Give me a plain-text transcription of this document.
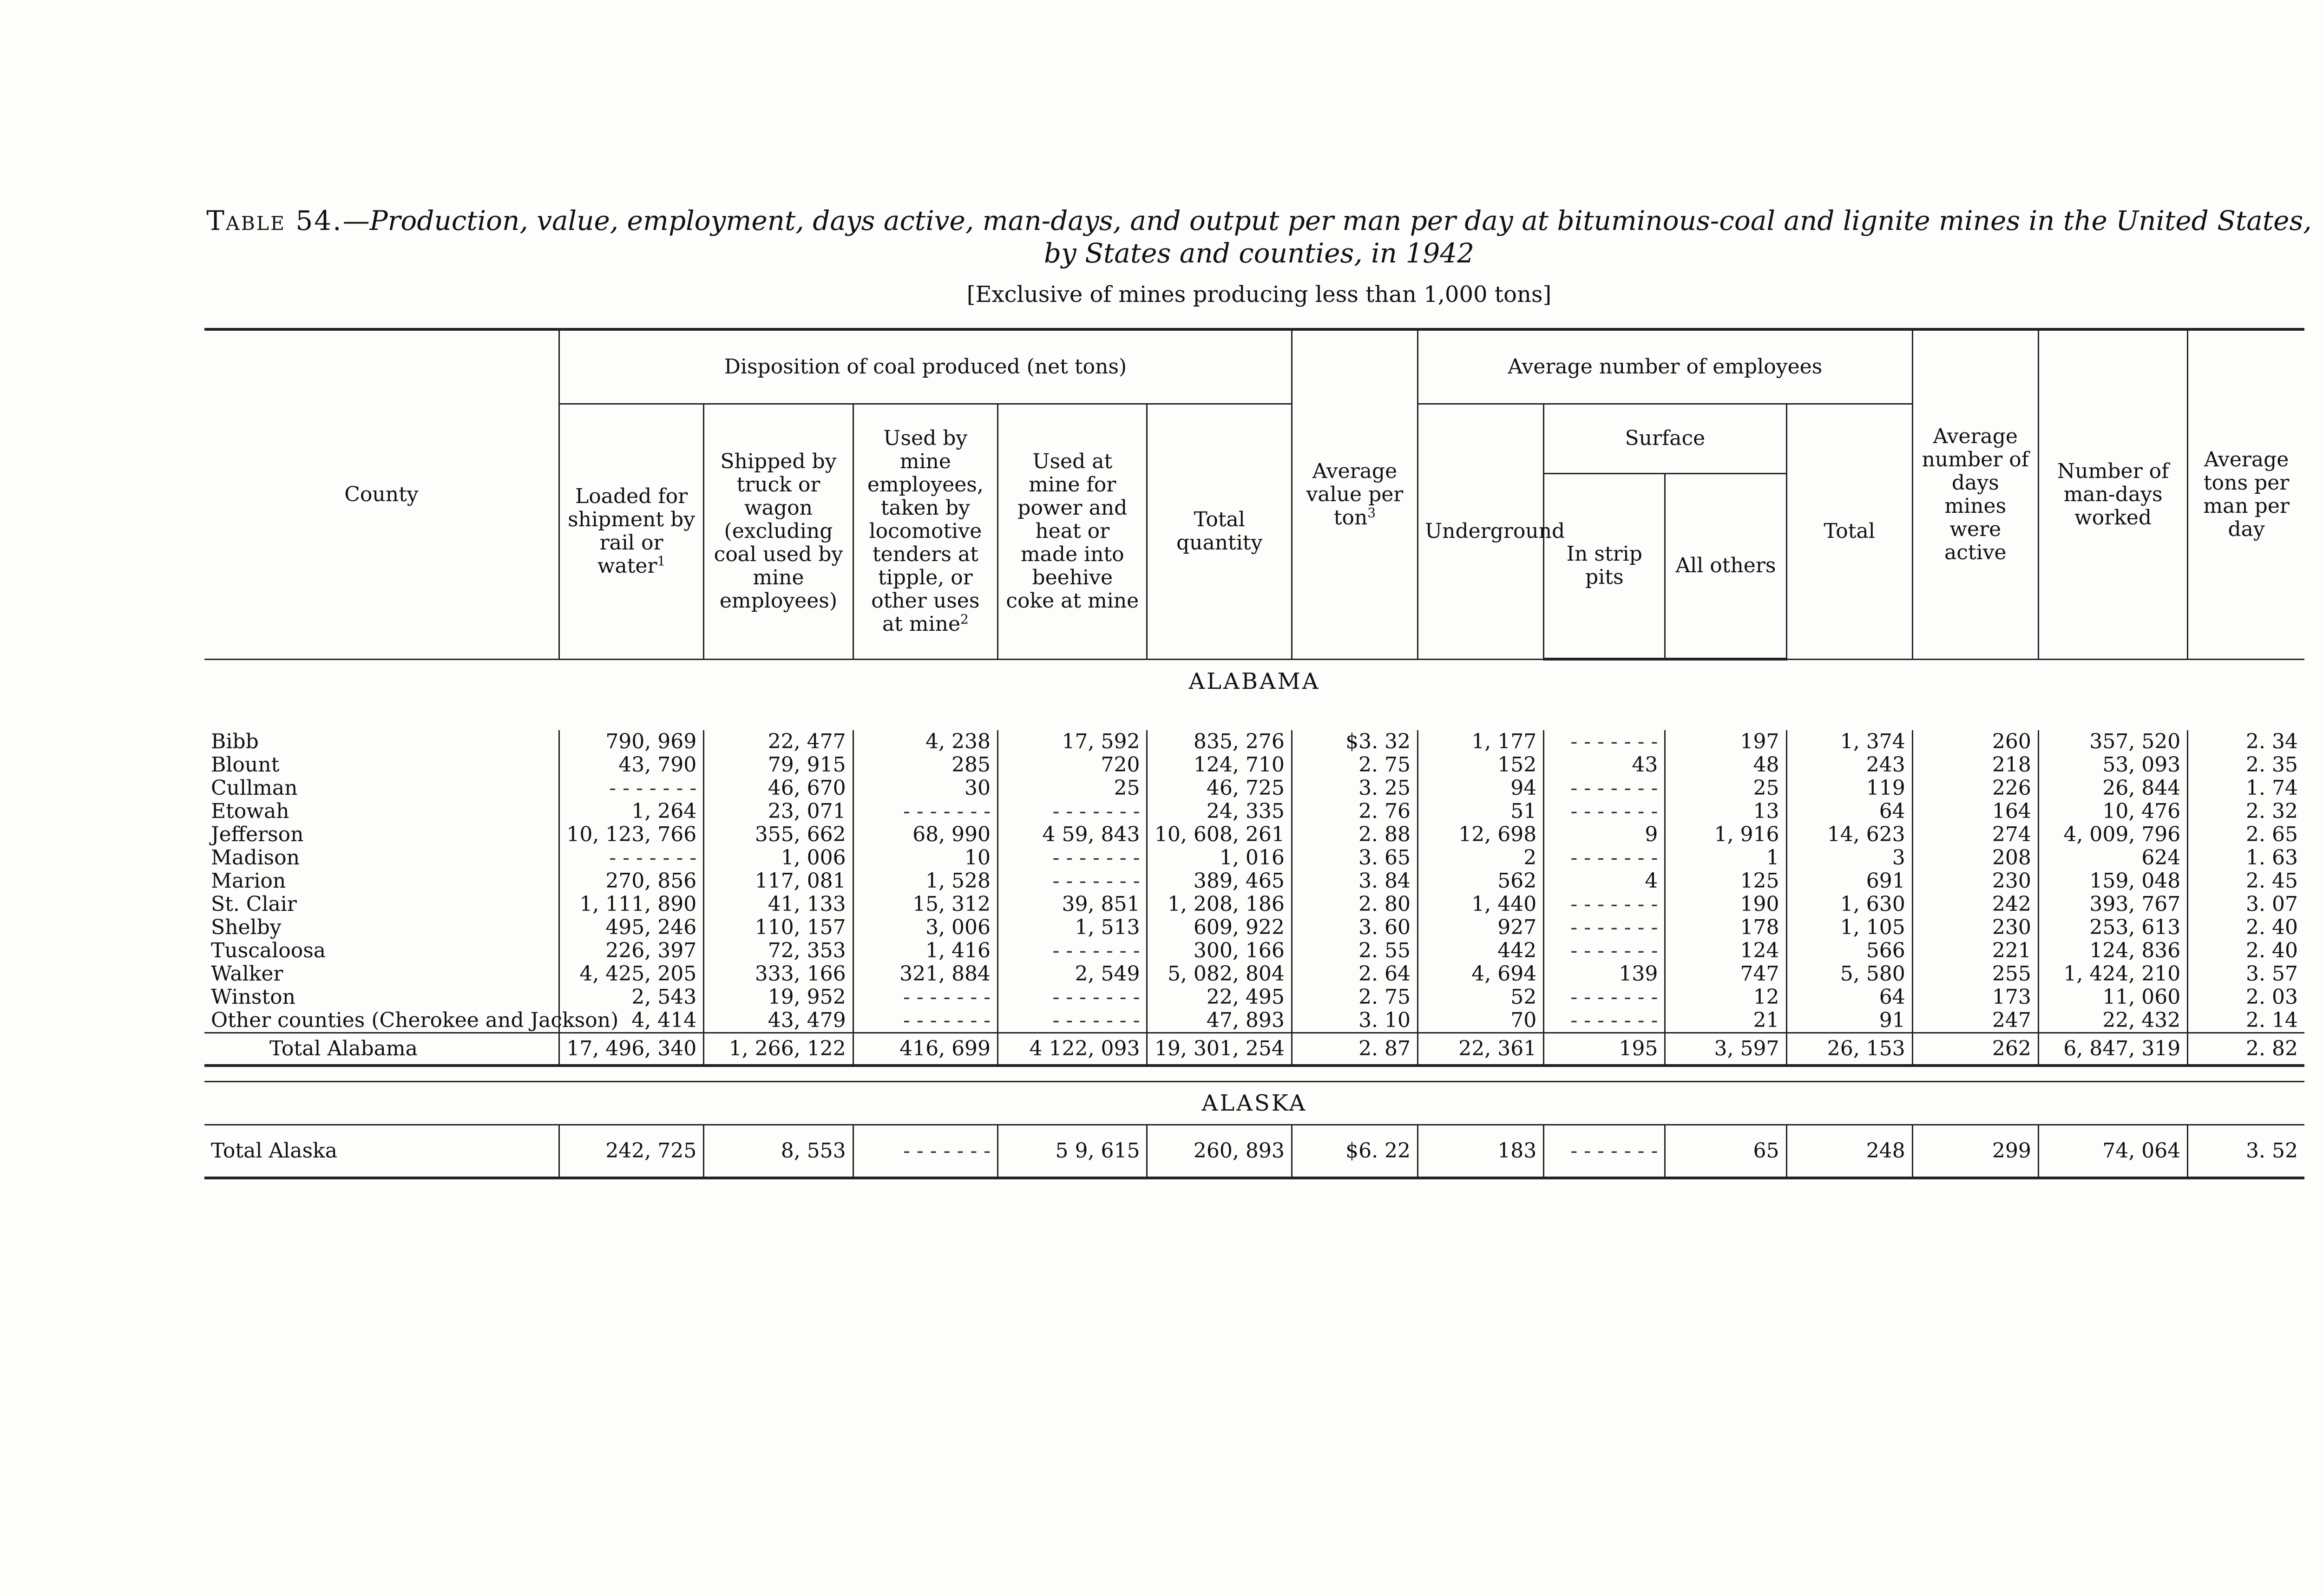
Table 54.—Production, value, employment, days active, man-days, and output per man per day at bituminous-coal and lignite mines in the United States, by States and counties, in 1942
[Exclusive of mines producing less than 1,000 tons]
County	Disposition of coal produced (net tons)					Average value per ton$^3$	Average number of employees				Average number of days mines were active	Number of man-days worked	Average tons per man per day
	Loaded for shipment by rail or water$^1$	Shipped by truck or wagon (excluding coal used by mine employees)	Used by mine employees, taken by locomotive tenders at tipple, or other uses at mine$^2$	Used at mine for power and heat or made into beehive coke at mine	Total quantity		Underground	Surface		Total			
								In strip pits	All others				
ALABAMA													

Bibb	790, 969	22, 477	4, 238	17, 592	835, 276	$3. 32	1, 177	- - - - - - -	197	1, 374	260	357, 520	2. 34
Blount	43, 790	79, 915	285	720	124, 710	2. 75	152	43	48	243	218	53, 093	2. 35
Cullman	- - - - - - -	46, 670	30	25	46, 725	3. 25	94	- - - - - - -	25	119	226	26, 844	1. 74
Etowah	1, 264	23, 071	- - - - - - -	- - - - - - -	24, 335	2. 76	51	- - - - - - -	13	64	164	10, 476	2. 32
Jefferson	10, 123, 766	355, 662	68, 990	4 59, 843	10, 608, 261	2. 88	12, 698	9	1, 916	14, 623	274	4, 009, 796	2. 65
Madison	- - - - - - -	1, 006	10	- - - - - - -	1, 016	3. 65	2	- - - - - - -	1	3	208	624	1. 63
Marion	270, 856	117, 081	1, 528	- - - - - - -	389, 465	3. 84	562	4	125	691	230	159, 048	2. 45
St. Clair	1, 111, 890	41, 133	15, 312	39, 851	1, 208, 186	2. 80	1, 440	- - - - - - -	190	1, 630	242	393, 767	3. 07
Shelby	495, 246	110, 157	3, 006	1, 513	609, 922	3. 60	927	- - - - - - -	178	1, 105	230	253, 613	2. 40
Tuscaloosa	226, 397	72, 353	1, 416	- - - - - - -	300, 166	2. 55	442	- - - - - - -	124	566	221	124, 836	2. 40
Walker	4, 425, 205	333, 166	321, 884	2, 549	5, 082, 804	2. 64	4, 694	139	747	5, 580	255	1, 424, 210	3. 57
Winston	2, 543	19, 952	- - - - - - -	- - - - - - -	22, 495	2. 75	52	- - - - - - -	12	64	173	11, 060	2. 03
Other counties (Cherokee and Jackson)	4, 414	43, 479	- - - - - - -	- - - - - - -	47, 893	3. 10	70	- - - - - - -	21	91	247	22, 432	2. 14
Total Alabama	17, 496, 340	1, 266, 122	416, 699	4 122, 093	19, 301, 254	2. 87	22, 361	195	3, 597	26, 153	262	6, 847, 319	2. 82

ALASKA													
Total Alaska	242, 725	8, 553	- - - - - - -	5 9, 615	260, 893	$6. 22	183	- - - - - - -	65	248	299	74, 064	3. 52
